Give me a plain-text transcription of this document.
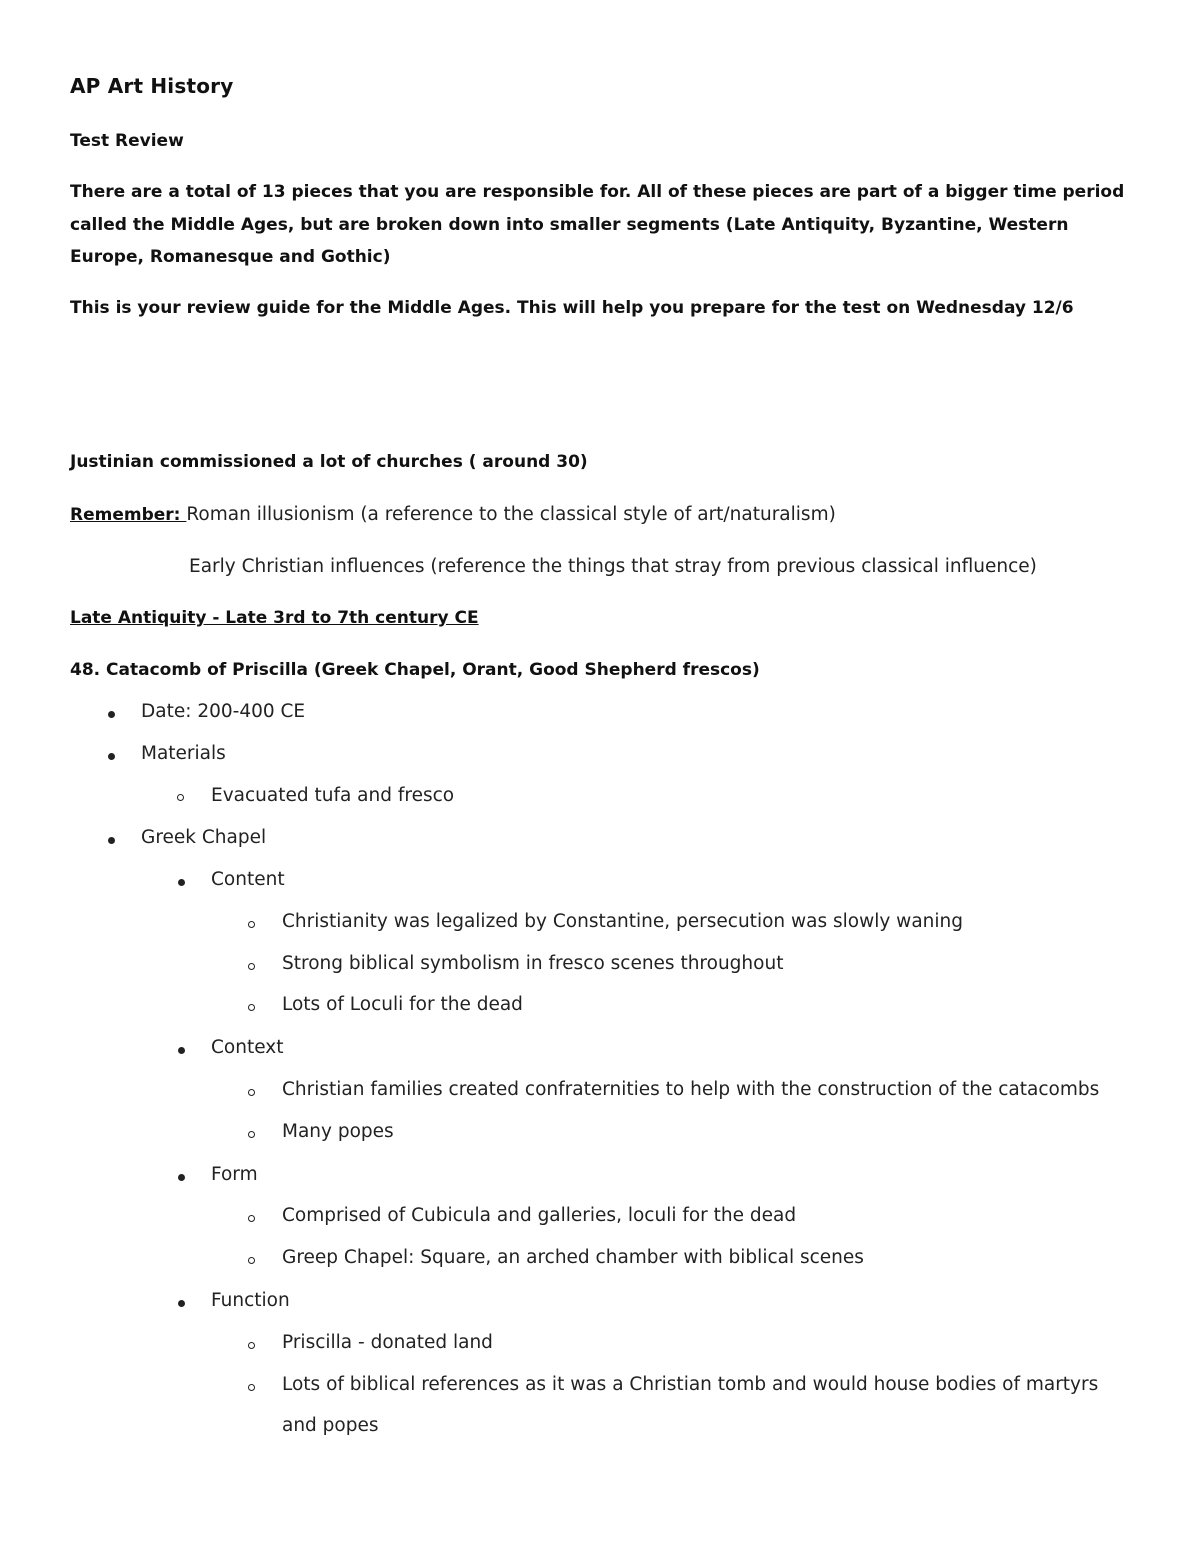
AP Art History
Test Review
There are a total of 13 pieces that you are responsible for. All of these pieces are part of a bigger time period called the Middle Ages, but are broken down into smaller segments (Late Antiquity, Byzantine, Western Europe, Romanesque and Gothic)
This is your review guide for the Middle Ages. This will help you prepare for the test on Wednesday 12/6
Justinian commissioned a lot of churches ( around 30)
Remember: Roman illusionism (a reference to the classical style of art/naturalism)
Early Christian influences (reference the things that stray from previous classical influence)
Late Antiquity - Late 3rd to 7th century CE
48. Catacomb of Priscilla (Greek Chapel, Orant, Good Shepherd frescos)
Date: 200-400 CE
Materials
Evacuated tufa and fresco
Greek Chapel
Content
Christianity was legalized by Constantine, persecution was slowly waning
Strong biblical symbolism in fresco scenes throughout
Lots of Loculi for the dead
Context
Christian families created confraternities to help with the construction of the catacombs
Many popes
Form
Comprised of Cubicula and galleries, loculi for the dead
Greep Chapel: Square, an arched chamber with biblical scenes
Function
Priscilla - donated land
Lots of biblical references as it was a Christian tomb and would house bodies of martyrs and popes
